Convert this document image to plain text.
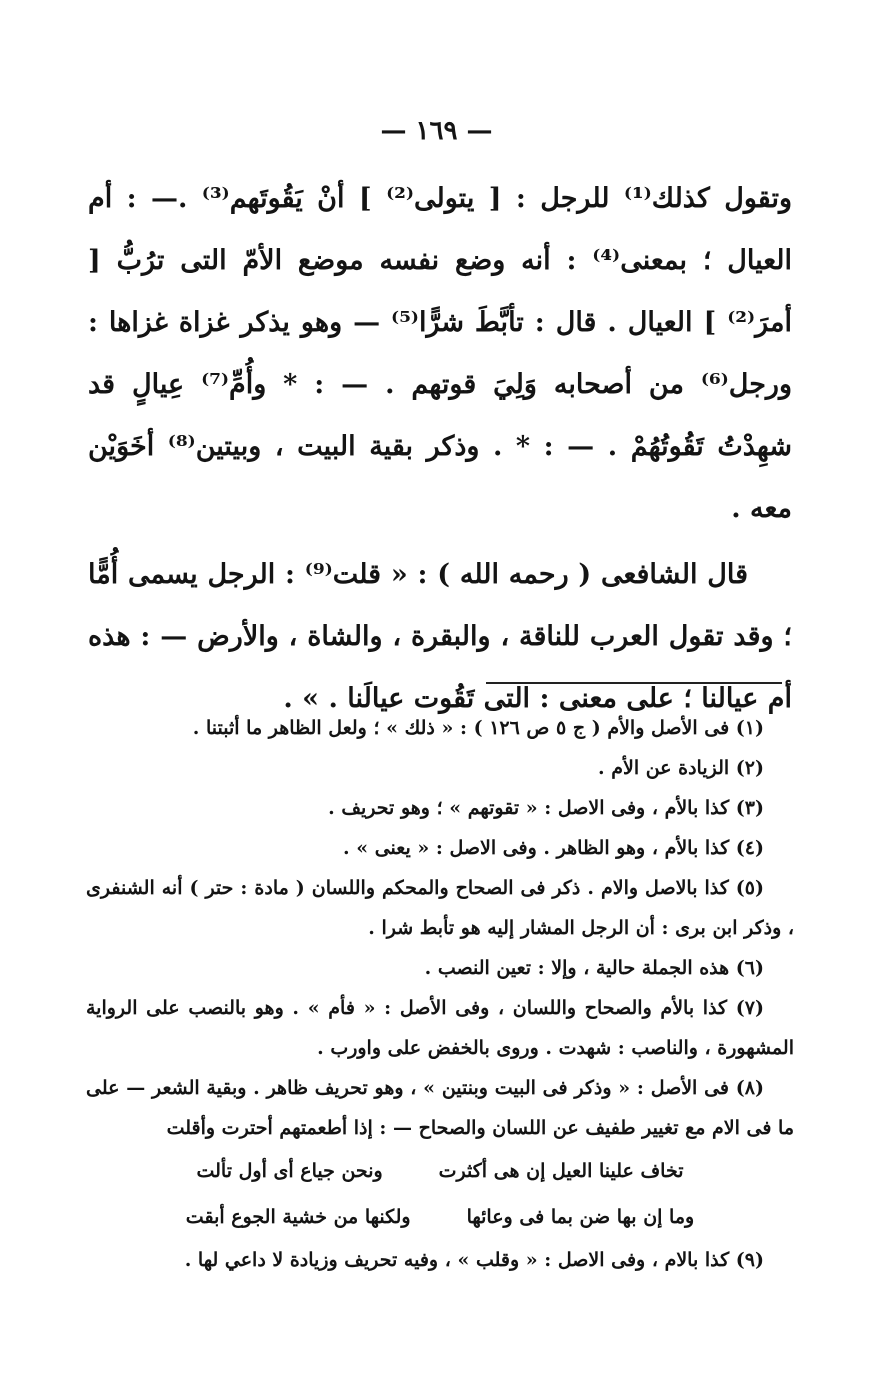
— ١٦٩ —

وتقول كذلك⁽¹⁾ للرجل : [ يتولى⁽²⁾ ] أنْ يَقُوتَهم⁽³⁾ .— : أم العيال ؛ بمعنى⁽⁴⁾ : أنه وضع نفسه موضع الأمّ التى ترُبُّ [ أمرَ⁽²⁾ ] العيال . قال : تأبَّطَ شرًّا⁽⁵⁾ — وهو يذكر غزاة غزاها : ورجل⁽⁶⁾ من أصحابه وَلِيَ قوتهم . — : * وأُمِّ⁽⁷⁾ عِيالٍ قد شهِدْتُ تَقُوتُهُمْ . — : * . وذكر بقية البيت ، وبيتين⁽⁸⁾ أخَوَيْن معه .

قال الشافعى ( رحمه الله ) : « قلت⁽⁹⁾ : الرجل يسمى أُمًّا ؛ وقد تقول العرب للناقة ، والبقرة ، والشاة ، والأرض — : هذه أم عيالنا ؛ على معنى : التى تَقُوت عيالَنا . » .

(١) فى الأصل والأم ( ج ٥ ص ١٢٦ ) : « ذلك » ؛ ولعل الظاهر ما أثبتنا .

(٢) الزيادة عن الأم .

(٣) كذا بالأم ، وفى الاصل : « تقوتهم » ؛ وهو تحريف .

(٤) كذا بالأم ، وهو الظاهر . وفى الاصل : « يعنى » .

(٥) كذا بالاصل والام . ذكر فى الصحاح والمحكم واللسان ( مادة : حتر ) أنه الشنفرى ، وذكر ابن برى : أن الرجل المشار إليه هو تأبط شرا .

(٦) هذه الجملة حالية ، وإلا : تعين النصب .

(٧) كذا بالأم والصحاح واللسان ، وفى الأصل : « فأم » . وهو بالنصب على الرواية المشهورة ، والناصب : شهدت . وروى بالخفض على واورب .

(٨) فى الأصل : « وذكر فى البيت وبنتين » ، وهو تحريف ظاهر . وبقية الشعر — على ما فى الام مع تغيير طفيف عن اللسان والصحاح — : إذا أطعمتهم أحترت وأقلت

تخاف علينا العيل إن هى أكثرت
ونحن جياع أى أول تألت
وما إن بها ضن بما فى وعائها
ولكنها من خشية الجوع أبقت

(٩) كذا بالام ، وفى الاصل : « وقلب » ، وفيه تحريف وزيادة لا داعي لها .
